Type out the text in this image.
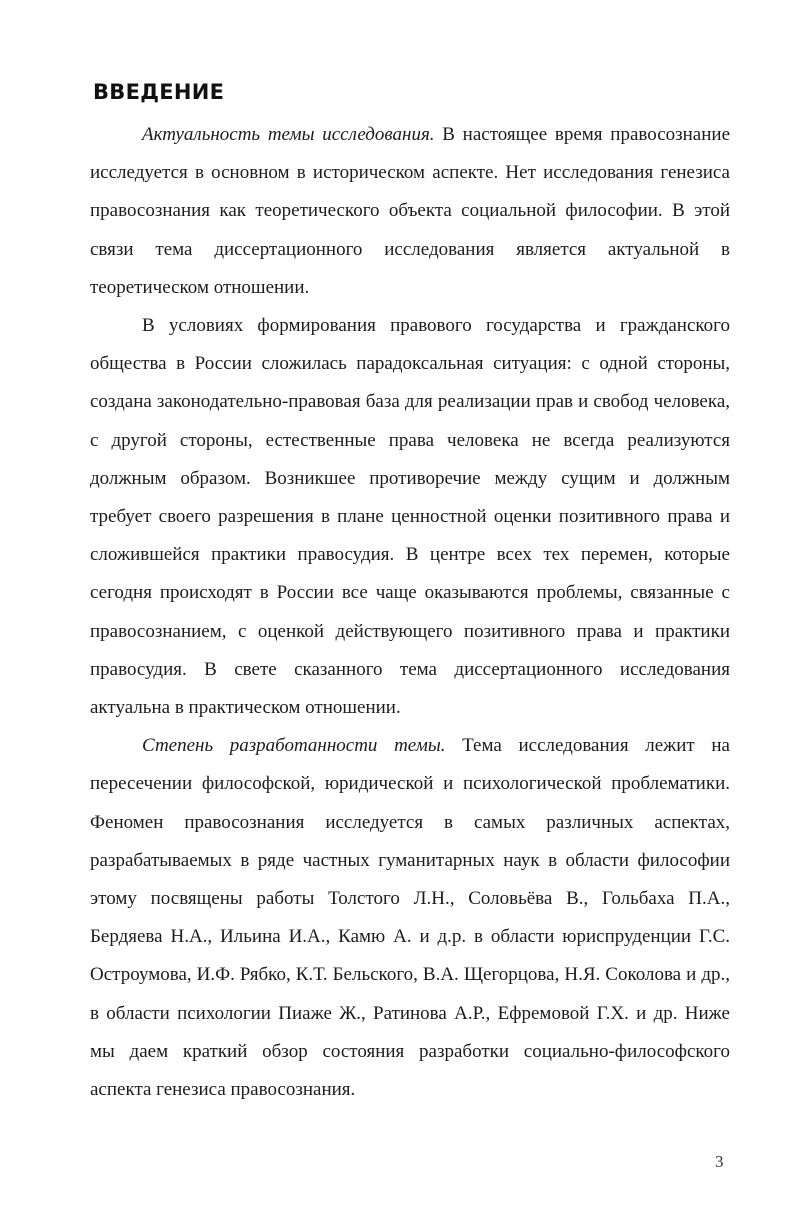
ВВЕДЕНИЕ

Актуальность темы исследования. В настоящее время правосознание исследуется в основном в историческом аспекте. Нет исследования генезиса правосознания как теоретического объекта социальной философии. В этой связи тема диссертационного исследования является актуальной в теоретическом отношении.

В условиях формирования правового государства и гражданского общества в России сложилась парадоксальная ситуация: с одной стороны, создана законодательно-правовая база для реализации прав и свобод человека, с другой стороны, естественные права человека не всегда реализуются должным образом. Возникшее противоречие между сущим и должным требует своего разрешения в плане ценностной оценки позитивного права и сложившейся практики правосудия. В центре всех тех перемен, которые сегодня происходят в России все чаще оказываются проблемы, связанные с правосознанием, с оценкой действующего позитивного права и практики правосудия. В свете сказанного тема диссертационного исследования актуальна в практическом отношении.

Степень разработанности темы. Тема исследования лежит на пересечении философской, юридической и психологической проблематики. Феномен правосознания исследуется в самых различных аспектах, разрабатываемых в ряде частных гуманитарных наук в области философии этому посвящены работы Толстого Л.Н., Соловьёва В., Гольбаха П.А., Бердяева Н.А., Ильина И.А., Камю А. и д.р. в области юриспруденции Г.С. Остроумова, И.Ф. Рябко, К.Т. Бельского, В.А. Щегорцова, Н.Я. Соколова и др., в области психологии Пиаже Ж., Ратинова А.Р., Ефремовой Г.Х. и др. Ниже мы даем краткий обзор состояния разработки социально-философского аспекта генезиса правосознания.

3
